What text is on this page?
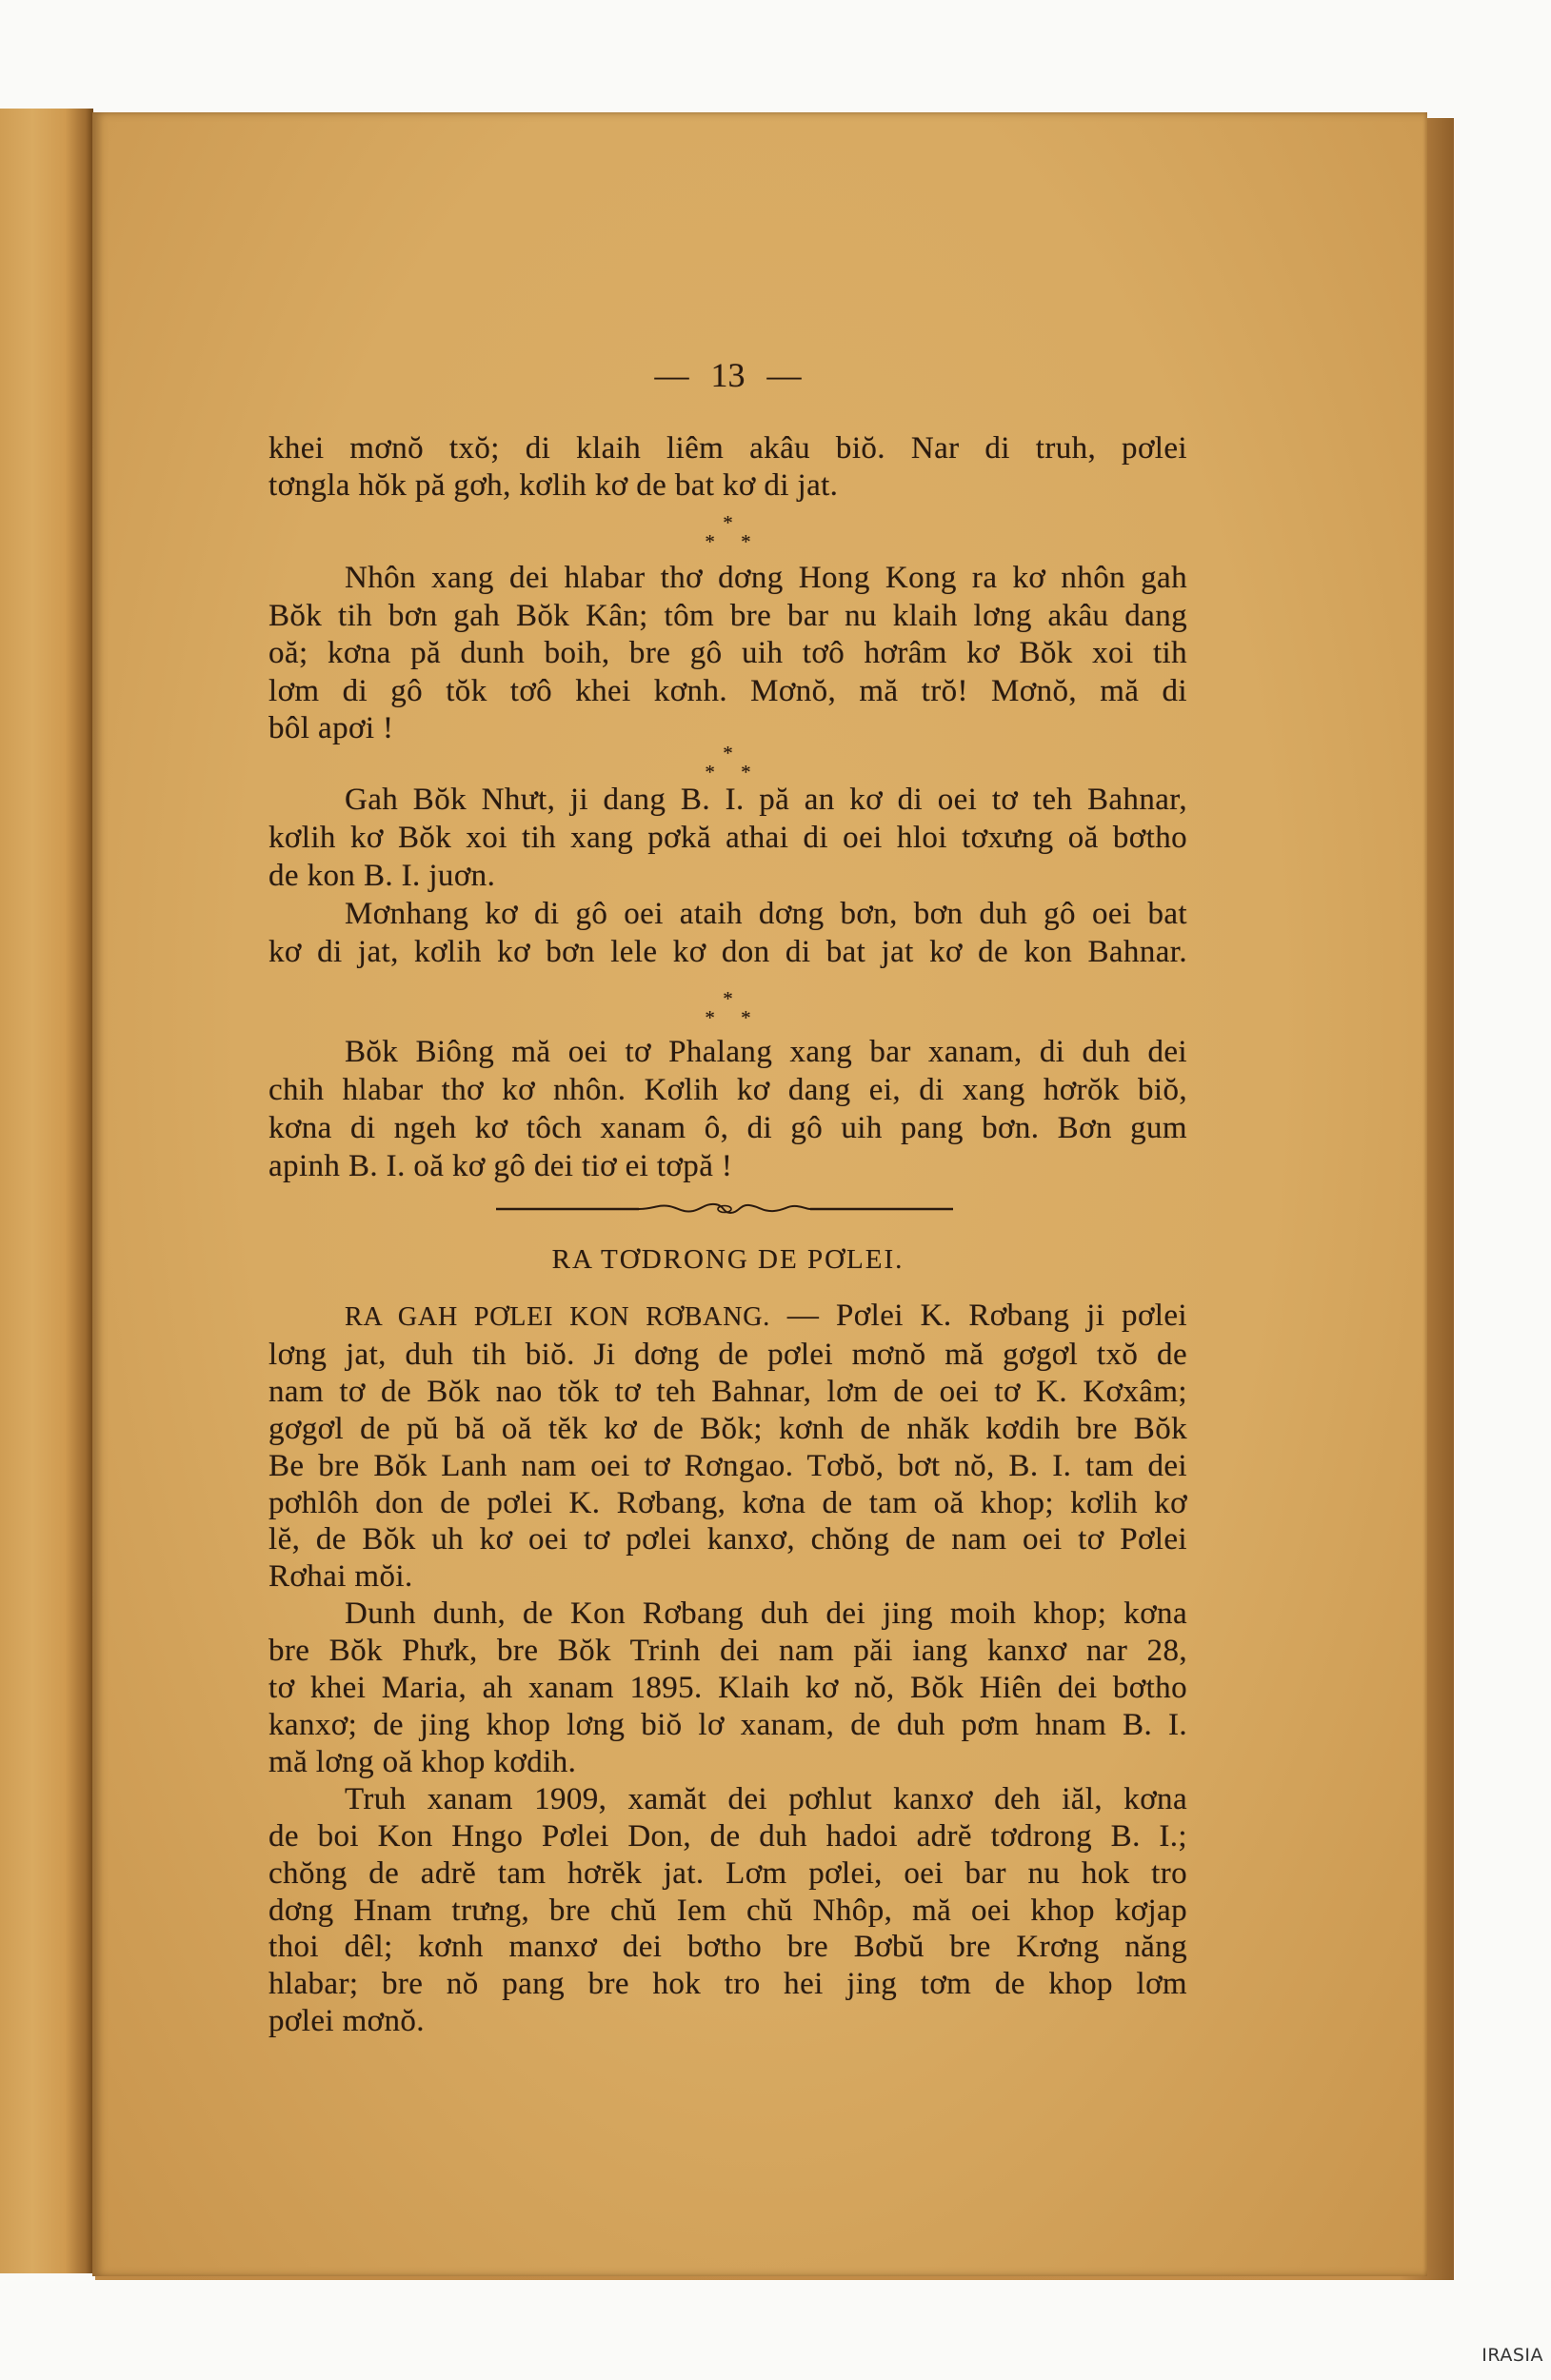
— 13 —
khei mơnŏ txŏ; di klaih liêm akâu biŏ. Nar di truh, pơlei
tơngla hŏk pă gơh, kơlih kơ de bat kơ di jat.
*
* *
Nhôn xang dei hlabar thơ dơng Hong Kong ra kơ nhôn gah
Bŏk tih bơn gah Bŏk Kân; tôm bre bar nu klaih lơng akâu dang
oă; kơna pă dunh boih, bre gô uih tơô hơrâm kơ Bŏk xoi tih
lơm di gô tŏk tơô khei kơnh. Mơnŏ, mă trŏ! Mơnŏ, mă di
bôl apơi !
*
* *
Gah Bŏk Nhưt, ji dang B. I. pă an kơ di oei tơ teh Bahnar,
kơlih kơ Bŏk xoi tih xang pơkă athai di oei hloi tơxưng oă bơtho
de kon B. I. juơn.
Mơnhang kơ di gô oei ataih dơng bơn, bơn duh gô oei bat
kơ di jat, kơlih kơ bơn lele kơ don di bat jat kơ de kon Bahnar.
*
* *
Bŏk Biông mă oei tơ Phalang xang bar xanam, di duh dei
chih hlabar thơ kơ nhôn. Kơlih kơ dang ei, di xang hơrŏk biŏ,
kơna di ngeh kơ tôch xanam ô, di gô uih pang bơn. Bơn gum
apinh B. I. oă kơ gô dei tiơ ei tơpă !
RA TƠDRONG DE PƠLEI.
RA GAH PƠLEI KON RƠBANG. — Pơlei K. Rơbang ji pơlei
lơng jat, duh tih biŏ. Ji dơng de pơlei mơnŏ mă gơgơl txŏ de
nam tơ de Bŏk nao tŏk tơ teh Bahnar, lơm de oei tơ K. Kơxâm;
gơgơl de pŭ bă oă tĕk kơ de Bŏk; kơnh de nhăk kơdih bre Bŏk
Be bre Bŏk Lanh nam oei tơ Rơngao. Tơbŏ, bơt nŏ, B. I. tam dei
pơhlôh don de pơlei K. Rơbang, kơna de tam oă khop; kơlih kơ
lĕ, de Bŏk uh kơ oei tơ pơlei kanxơ, chŏng de nam oei tơ Pơlei
Rơhai mŏi.
Dunh dunh, de Kon Rơbang duh dei jing moih khop; kơna
bre Bŏk Phưk, bre Bŏk Trinh dei nam păi iang kanxơ nar 28,
tơ khei Maria, ah xanam 1895. Klaih kơ nŏ, Bŏk Hiên dei bơtho
kanxơ; de jing khop lơng biŏ lơ xanam, de duh pơm hnam B. I.
mă lơng oă khop kơdih.
Truh xanam 1909, xamăt dei pơhlut kanxơ deh iăl, kơna
de boi Kon Hngo Pơlei Don, de duh hadoi adrĕ tơdrong B. I.;
chŏng de adrĕ tam hơrĕk jat. Lơm pơlei, oei bar nu hok tro
dơng Hnam trưng, bre chŭ Iem chŭ Nhôp, mă oei khop kơjap
thoi dêl; kơnh manxơ dei bơtho bre Bơbŭ bre Krơng năng
hlabar; bre nŏ pang bre hok tro hei jing tơm de khop lơm
pơlei mơnŏ.
IRASIA
